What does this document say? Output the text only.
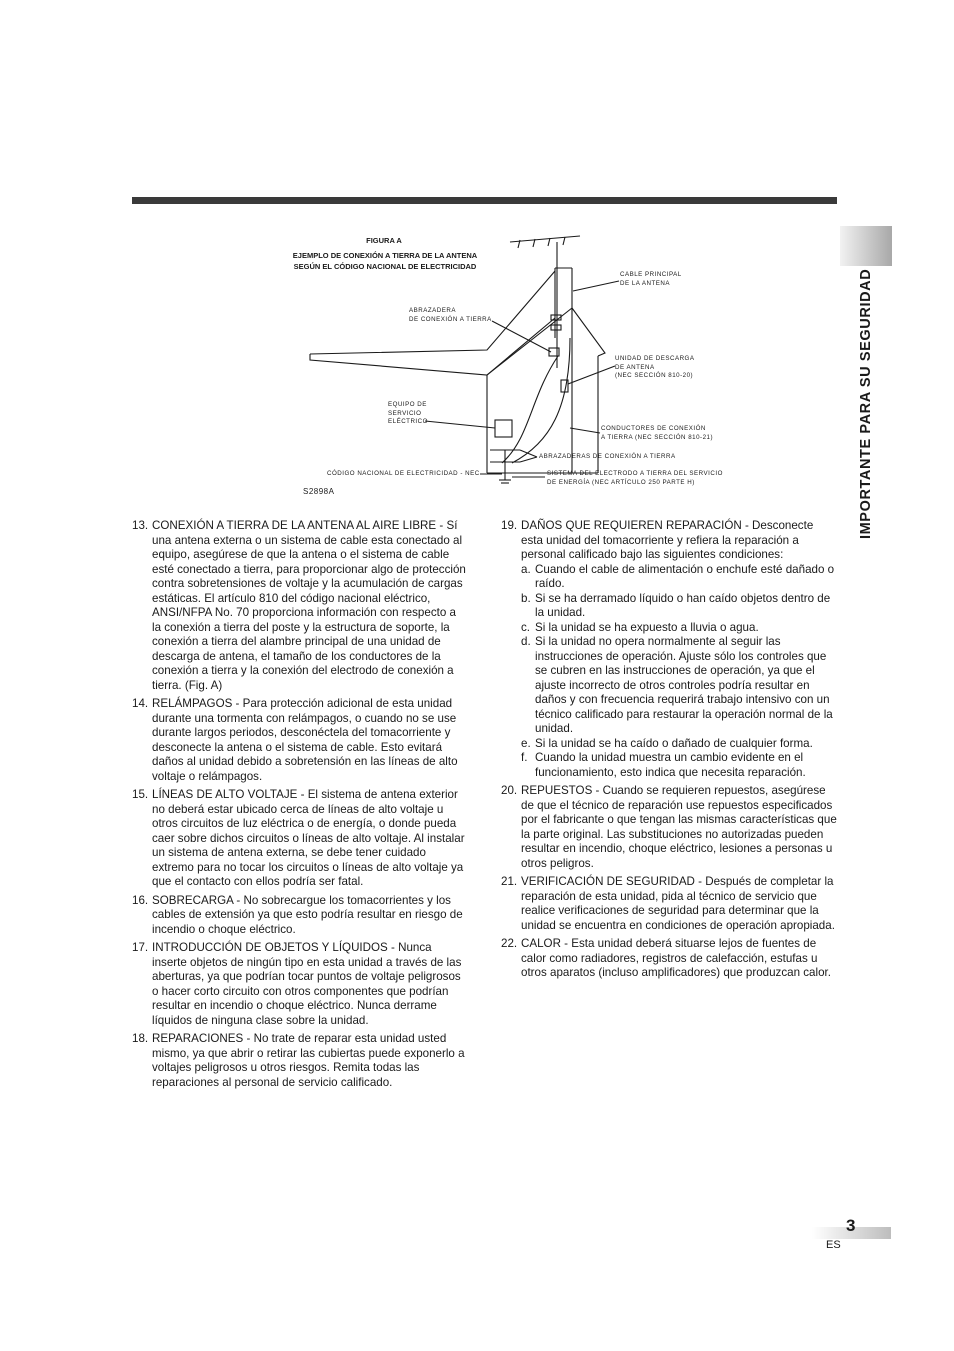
IMPORTANTE PARA SU SEGURIDAD
FIGURA A
EJEMPLO DE CONEXIÓN A TIERRA DE LA ANTENA
SEGÚN EL CÓDIGO NACIONAL DE ELECTRICIDAD
CABLE PRINCIPAL
DE LA ANTENA
ABRAZADERA
DE CONEXIÓN A TIERRA
UNIDAD DE DESCARGA
DE ANTENA
(NEC SECCIÓN 810-20)
EQUIPO DE
SERVICIO
ELÉCTRICO
CONDUCTORES DE CONEXIÓN
A TIERRA (NEC SECCIÓN 810-21)
ABRAZADERAS DE CONEXIÓN A TIERRA
CÓDIGO NACIONAL DE ELECTRICIDAD - NEC	SISTEMA DEL ELECTRODO A TIERRA DEL SERVICIO
DE ENERGÍA (NEC ARTÍCULO 250 PARTE H)
S2898A
13. CONEXIÓN A TIERRA DE LA ANTENA AL AIRE LIBRE - Sí una antena externa o un sistema de cable esta conectado al equipo, asegúrese de que la antena o el sistema de cable esté conectado a tierra, para proporcionar algo de protección contra sobretensiones de voltaje y la acumulación de cargas estáticas. El artículo 810 del código nacional eléctrico, ANSI/NFPA No. 70 proporciona información con respecto a la conexión a tierra del poste y la estructura de soporte, la conexión a tierra del alambre principal de una unidad de descarga de antena, el tamaño de los conductores de la conexión a tierra y la conexión del electrodo de conexión a tierra. (Fig. A)
14. RELÁMPAGOS - Para protección adicional de esta unidad durante una tormenta con relámpagos, o cuando no se use durante largos periodos, desconéctela del tomacorriente y desconecte la antena o el sistema de cable. Esto evitará daños al unidad debido a sobretensión en las líneas de alto voltaje o relámpagos.
15. LÍNEAS DE ALTO VOLTAJE - El sistema de antena exterior no deberá estar ubicado cerca de líneas de alto voltaje u otros circuitos de luz eléctrica o de energía, o donde pueda caer sobre dichos circuitos o líneas de alto voltaje. Al instalar un sistema de antena externa, se debe tener cuidado extremo para no tocar los circuitos o líneas de alto voltaje ya que el contacto con ellos podría ser fatal.
16. SOBRECARGA - No sobrecargue los tomacorrientes y los cables de extensión ya que esto podría resultar en riesgo de incendio o choque eléctrico.
17. INTRODUCCIÓN DE OBJETOS Y LÍQUIDOS - Nunca inserte objetos de ningún tipo en esta unidad a través de las aberturas, ya que podrían tocar puntos de voltaje peligrosos o hacer corto circuito con otros componentes que podrían resultar en incendio o choque eléctrico. Nunca derrame líquidos de ninguna clase sobre la unidad.
18. REPARACIONES - No trate de reparar esta unidad usted mismo, ya que abrir o retirar las cubiertas puede exponerlo a voltajes peligrosos u otros riesgos. Remita todas las reparaciones al personal de servicio calificado.
19. DAÑOS QUE REQUIEREN REPARACIÓN - Desconecte esta unidad del tomacorriente y refiera la reparación a personal calificado bajo las siguientes condiciones:
a. Cuando el cable de alimentación o enchufe esté dañado o raído.
b. Si se ha derramado líquido o han caído objetos dentro de la unidad.
c. Si la unidad se ha expuesto a lluvia o agua.
d. Si la unidad no opera normalmente al seguir las instrucciones de operación. Ajuste sólo los controles que se cubren en las instrucciones de operación, ya que el ajuste incorrecto de otros controles podría resultar en daños y con frecuencia requerirá trabajo intensivo con un técnico calificado para restaurar la operación normal de la unidad.
e. Si la unidad se ha caído o dañado de cualquier forma.
f. Cuando la unidad muestra un cambio evidente en el funcionamiento, esto indica que necesita reparación.
20. REPUESTOS - Cuando se requieren repuestos, asegúrese de que el técnico de reparación use repuestos especificados por el fabricante o que tengan las mismas características que la parte original. Las substituciones no autorizadas pueden resultar en incendio, choque eléctrico, lesiones a personas u otros peligros.
21. VERIFICACIÓN DE SEGURIDAD - Después de completar la reparación de esta unidad, pida al técnico de servicio que realice verificaciones de seguridad para determinar que la unidad se encuentra en condiciones de operación apropiada.
22. CALOR - Esta unidad deberá situarse lejos de fuentes de calor como radiadores, registros de calefacción, estufas u otros aparatos (incluso amplificadores) que produzcan calor.
3
ES
